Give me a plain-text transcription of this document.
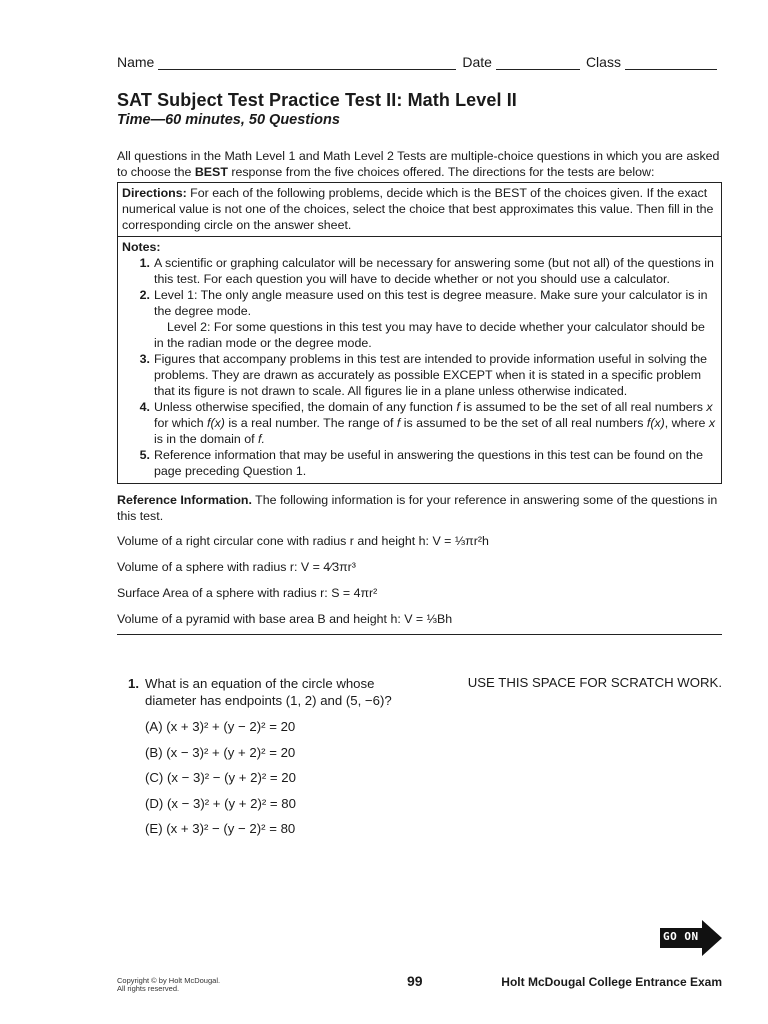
Name	Date	Class
SAT Subject Test Practice Test II: Math Level II
Time—60 minutes, 50 Questions
All questions in the Math Level 1 and Math Level 2 Tests are multiple-choice questions in which you are asked to choose the BEST response from the five choices offered. The directions for the tests are below:
Directions: For each of the following problems, decide which is the BEST of the choices given. If the exact numerical value is not one of the choices, select the choice that best approximates this value. Then fill in the corresponding circle on the answer sheet.
Notes:
1. A scientific or graphing calculator will be necessary for answering some (but not all) of the questions in this test. For each question you will have to decide whether or not you should use a calculator.
2. Level 1: The only angle measure used on this test is degree measure. Make sure your calculator is in the degree mode.
Level 2: For some questions in this test you may have to decide whether your calculator should be in the radian mode or the degree mode.
3. Figures that accompany problems in this test are intended to provide information useful in solving the problems. They are drawn as accurately as possible EXCEPT when it is stated in a specific problem that its figure is not drawn to scale. All figures lie in a plane unless otherwise indicated.
4. Unless otherwise specified, the domain of any function f is assumed to be the set of all real numbers x for which f(x) is a real number. The range of f is assumed to be the set of all real numbers f(x), where x is in the domain of f.
5. Reference information that may be useful in answering the questions in this test can be found on the page preceding Question 1.
Reference Information. The following information is for your reference in answering some of the questions in this test.
Volume of a right circular cone with radius r and height h: V = ⅓πr²h
Volume of a sphere with radius r: V = 4⁄3πr³
Surface Area of a sphere with radius r: S = 4πr²
Volume of a pyramid with base area B and height h: V = ⅓Bh
USE THIS SPACE FOR SCRATCH WORK.
1. What is an equation of the circle whose
diameter has endpoints (1, 2) and (5, −6)?
(A) (x + 3)² + (y − 2)² = 20
(B) (x − 3)² + (y + 2)² = 20
(C) (x − 3)² − (y + 2)² = 20
(D) (x − 3)² + (y + 2)² = 80
(E) (x + 3)² − (y − 2)² = 80
GO ON
Copyright © by Holt McDougal.
All rights reserved.	99	Holt McDougal College Entrance Exam
